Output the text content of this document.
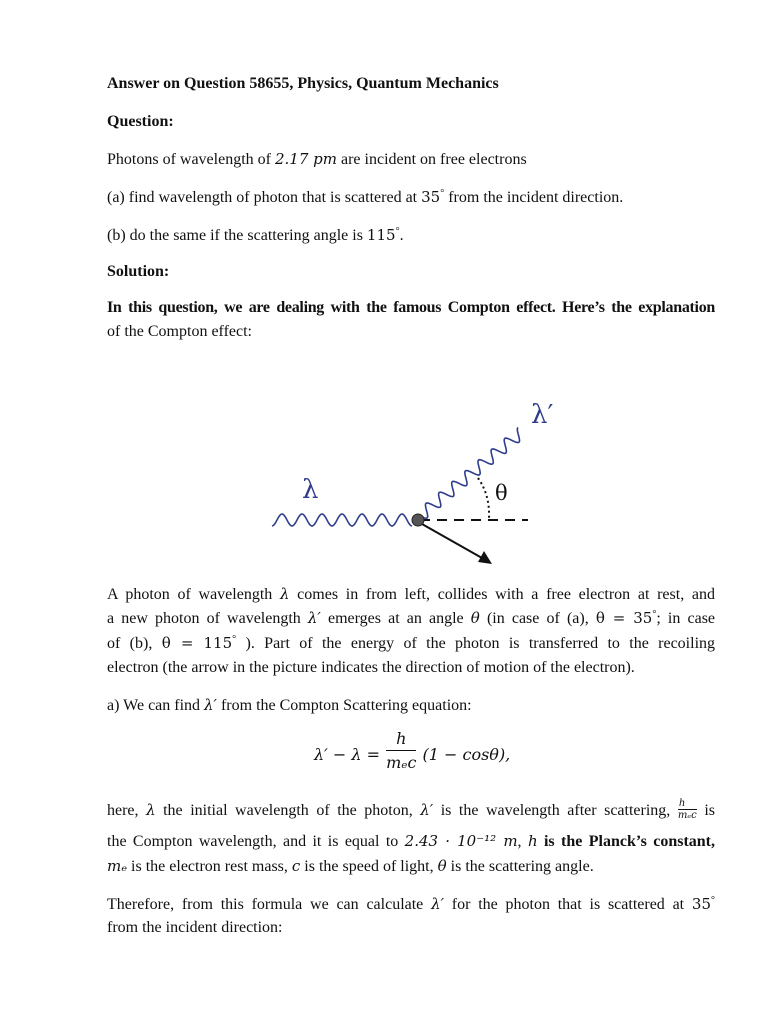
Answer on Question 58655, Physics, Quantum Mechanics
Question:
Photons of wavelength of 2.17 pm are incident on free electrons
(a) find wavelength of photon that is scattered at 35° from the incident direction.
(b) do the same if the scattering angle is 115°.
Solution:
In this question, we are dealing with the famous Compton effect. Here’s the explanation
of the Compton effect:
λ
λ′
θ
A photon of wavelength λ comes in from left, collides with a free electron at rest, and
a new photon of wavelength λ′ emerges at an angle θ (in case of (a), θ = 35°; in case
of (b), θ = 115° ). Part of the energy of the photon is transferred to the recoiling
electron (the arrow in the picture indicates the direction of motion of the electron).
a) We can find λ′ from the Compton Scattering equation:
$\lambda' - \lambda = \frac{h}{\text{mₑc}} (1 - \cos\theta)$,
here, λ the initial wavelength of the photon, λ′ is the wavelength after scattering, $\frac{h}{\text{mₑc}}$ is
the Compton wavelength, and it is equal to 2.43 · 10⁻¹² m, h is the Planck’s constant,
mₑ is the electron rest mass, c is the speed of light, θ is the scattering angle.
Therefore, from this formula we can calculate λ′ for the photon that is scattered at 35°
from the incident direction:
